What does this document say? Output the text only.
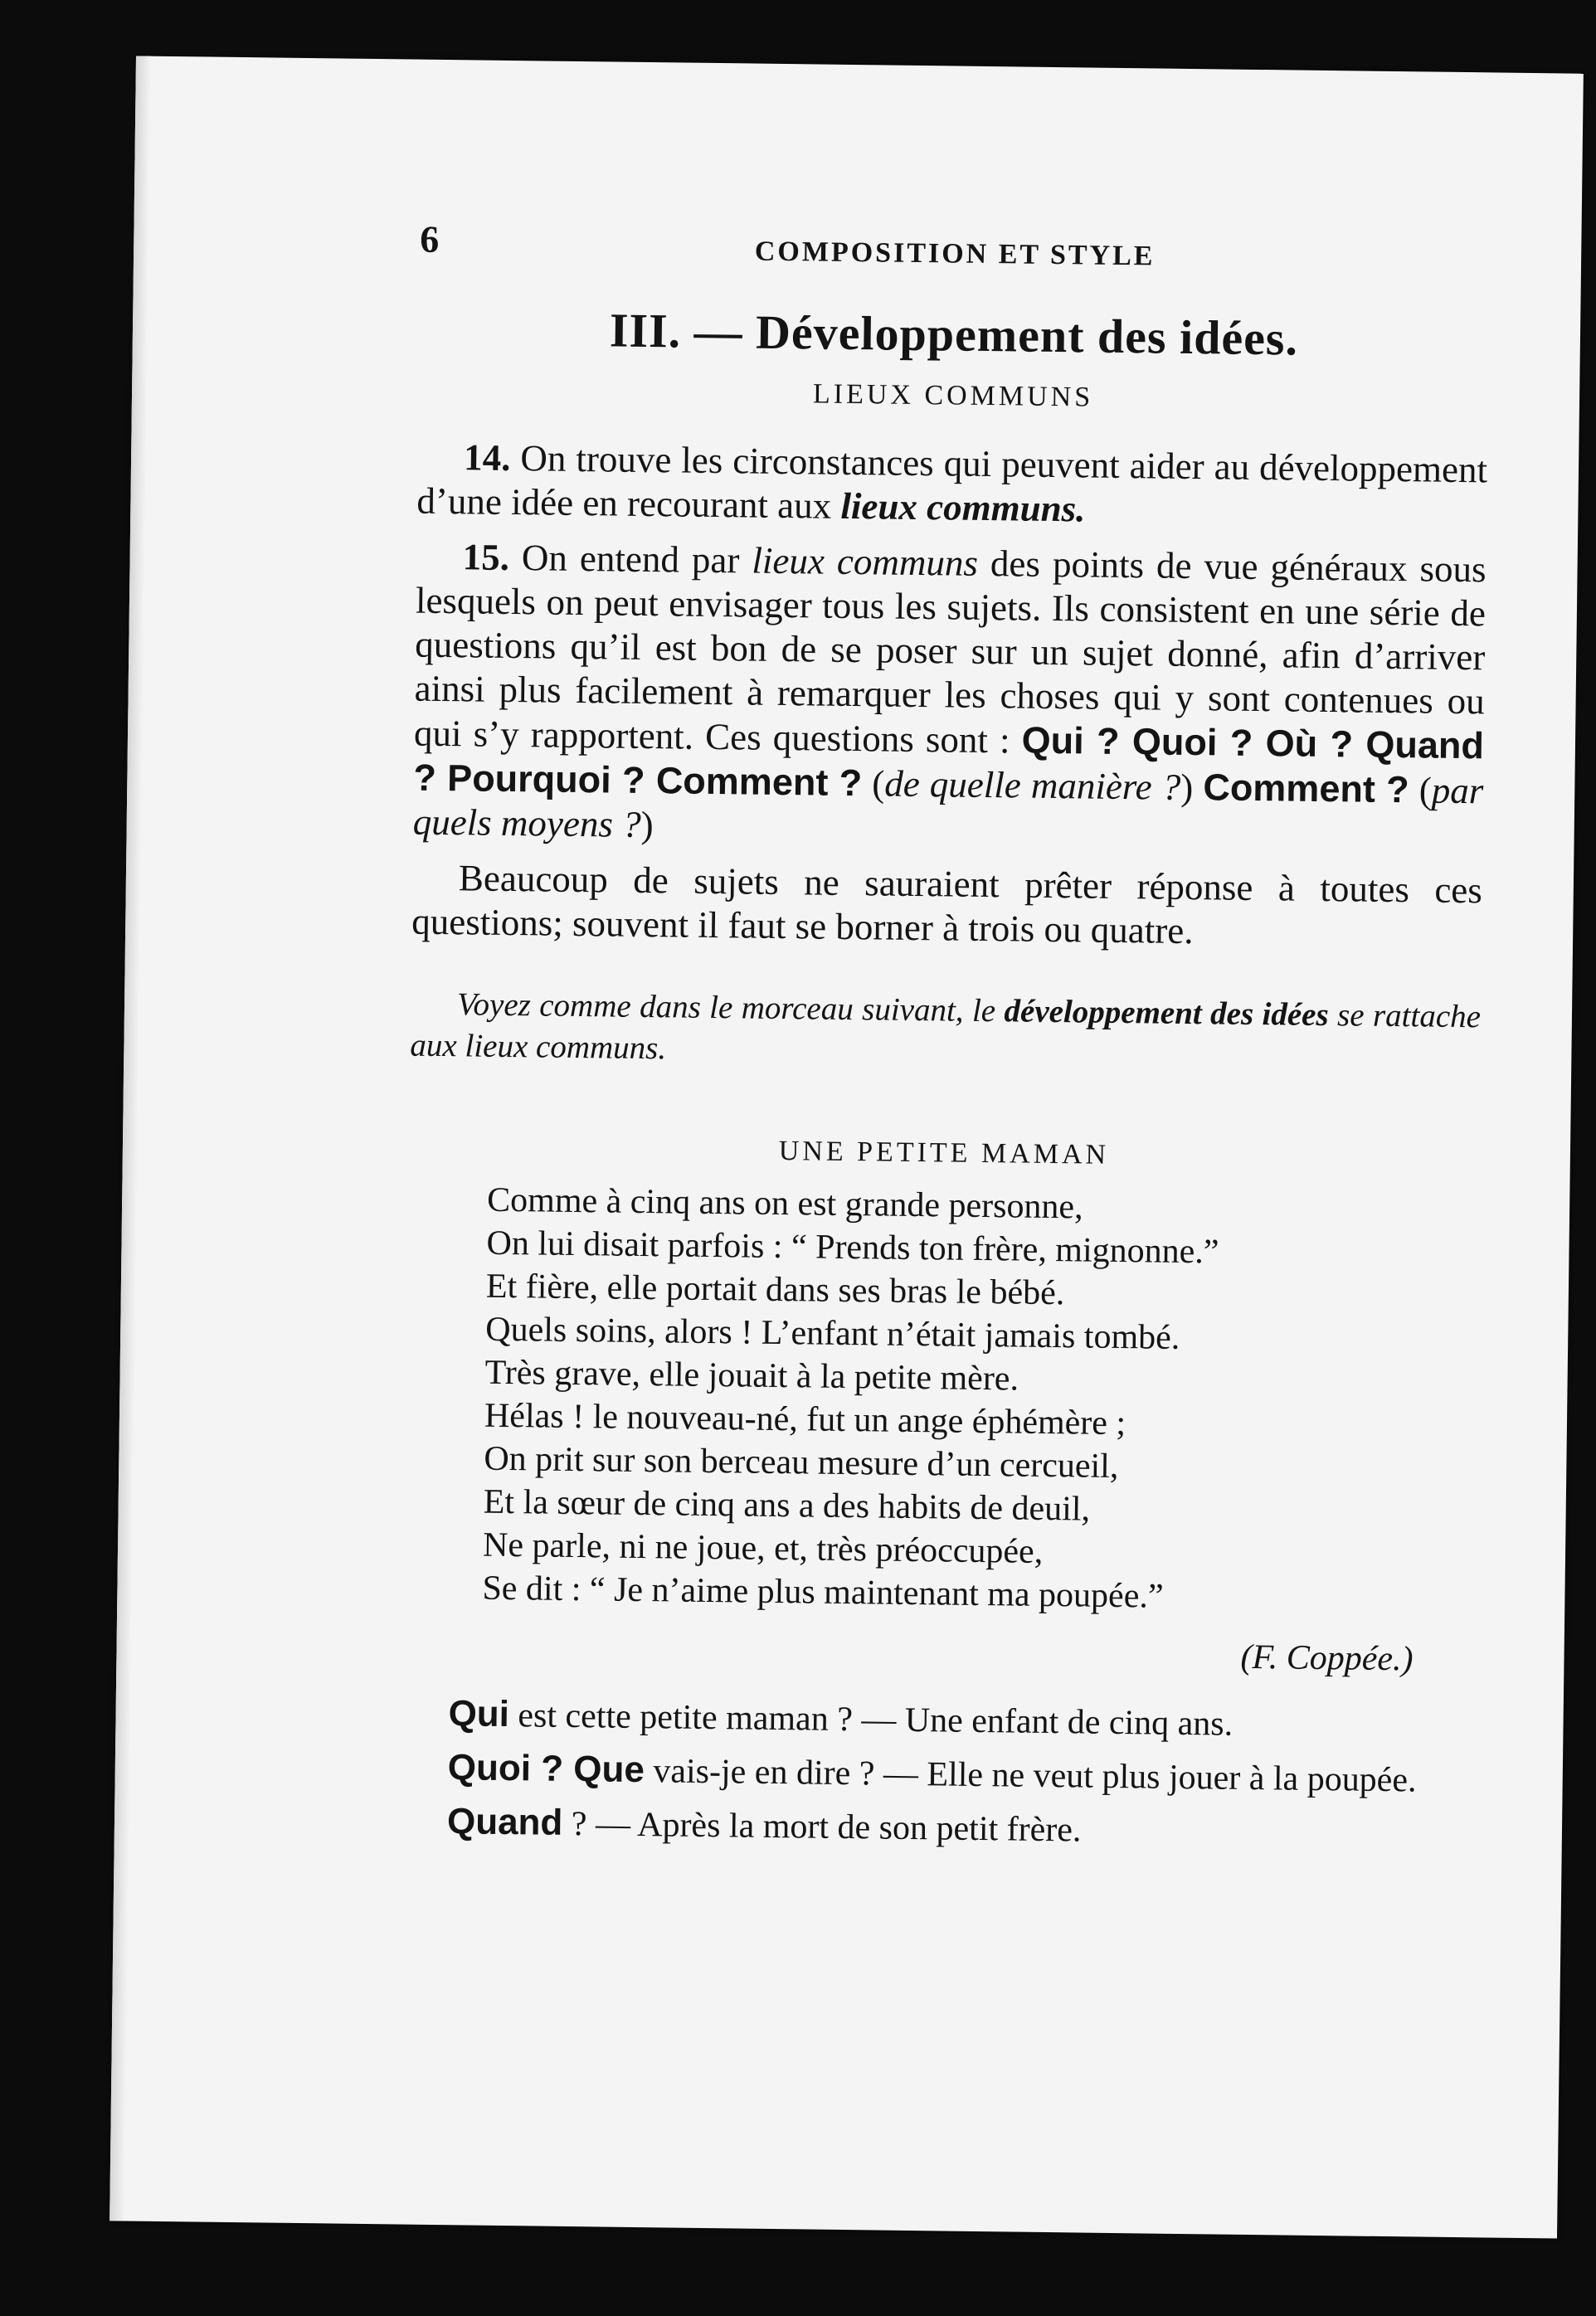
6	COMPOSITION ET STYLE
III. — Développement des idées.
LIEUX COMMUNS

14. On trouve les circonstances qui peuvent aider au développement d’une idée en recourant aux lieux communs.

15. On entend par lieux communs des points de vue généraux sous lesquels on peut envisager tous les sujets. Ils consistent en une série de questions qu’il est bon de se poser sur un sujet donné, afin d’arriver ainsi plus facilement à remarquer les choses qui y sont contenues ou qui s’y rapportent. Ces questions sont : Qui ? Quoi ? Où ? Quand ? Pourquoi ? Comment ? (de quelle manière ?) Comment ? (par quels moyens ?)

Beaucoup de sujets ne sauraient prêter réponse à toutes ces questions; souvent il faut se borner à trois ou quatre.

Voyez comme dans le morceau suivant, le développement des idées se rattache aux lieux communs.

UNE PETITE MAMAN
Comme à cinq ans on est grande personne,
On lui disait parfois : “ Prends ton frère, mignonne.”
Et fière, elle portait dans ses bras le bébé.
Quels soins, alors ! L’enfant n’était jamais tombé.
Très grave, elle jouait à la petite mère.
Hélas ! le nouveau-né, fut un ange éphémère ;
On prit sur son berceau mesure d’un cercueil,
Et la sœur de cinq ans a des habits de deuil,
Ne parle, ni ne joue, et, très préoccupée,
Se dit : “ Je n’aime plus maintenant ma poupée.”
(F. Coppée.)

Qui est cette petite maman ? — Une enfant de cinq ans.

Quoi ? Que vais-je en dire ? — Elle ne veut plus jouer à la poupée.

Quand ? — Après la mort de son petit frère.
